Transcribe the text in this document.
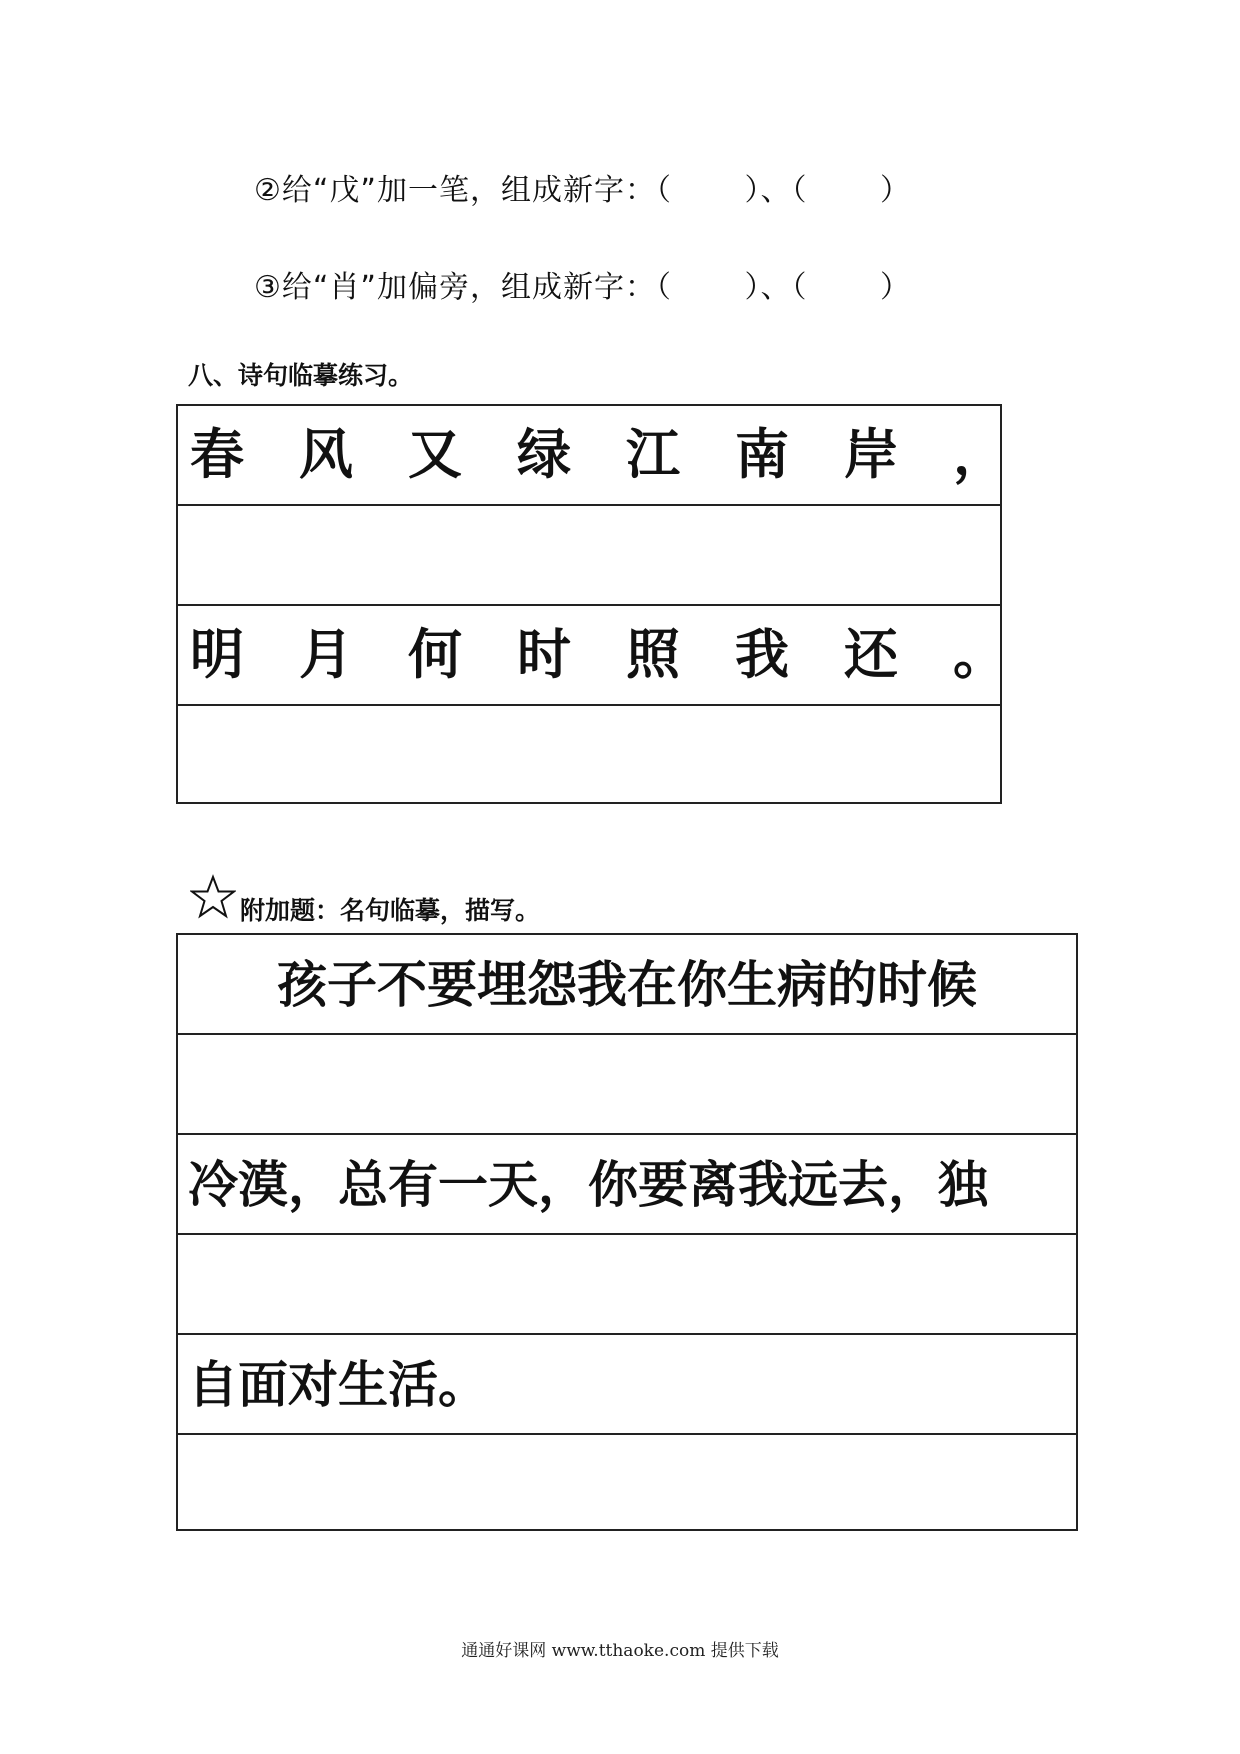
②给“戊”加一笔，组成新字：（　　 ）、（　　 ）
③给“肖”加偏旁，组成新字：（　　 ）、（　　 ）
八、诗句临摹练习。
春风又绿江南岸，
明月何时照我还。
附加题：名句临摹，描写。
孩子不要埋怨我在你生病的时候
冷漠，总有一天，你要离我远去，独
自面对生活。
通通好课网 www.tthaoke.com 提供下载
